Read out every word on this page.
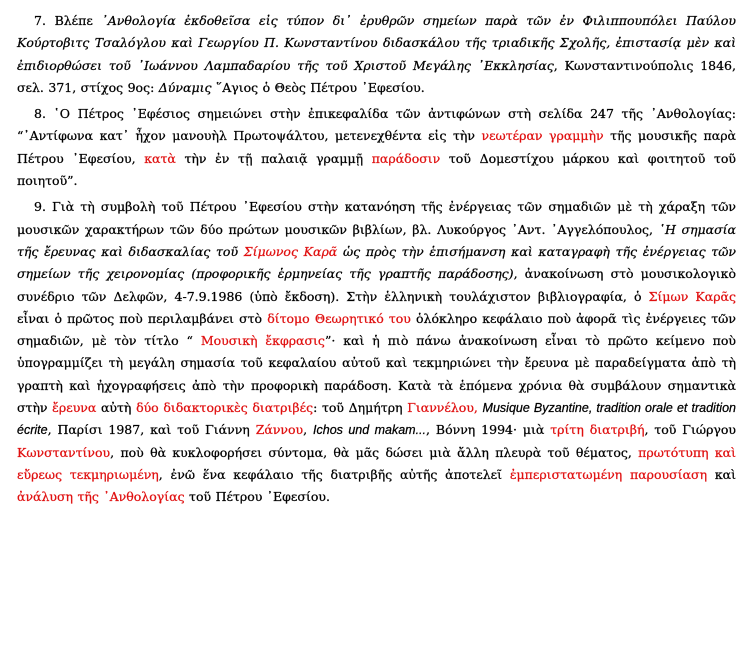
7. Βλέπε ᾿Ανθολογία ἐκδοθεῖσα εἰς τύπον δι᾿ ἐρυθρῶν σημείων παρὰ τῶν ἐν Φιλιππουπόλει Παύλου Κούρτοβιτς Τσαλόγλου καὶ Γεωργίου Π. Κωνσταντίνου διδασκάλου τῆς τριαδικῆς Σχολῆς, ἐπιστασίᾳ μὲν καὶ ἐπιδιορθώσει τοῦ ᾿Ιωάννου Λαμπαδαρίου τῆς τοῦ Χριστοῦ Μεγάλης ᾿Εκκλησίας, Κωνσταντινούπολις 1846, σελ. 371, στίχος 9ος: Δύναμις ῞Αγιος ὁ Θεὸς Πέτρου ᾿Εφεσίου.

8. ῾Ο Πέτρος ᾿Εφέσιος σημειώνει στὴν ἐπικεφαλίδα τῶν ἀντιφώνων στὴ σελίδα 247 τῆς ᾿Ανθολογίας: “᾿Αντίφωνα κατ᾿ ἦχον μανουὴλ Πρωτοψάλτου, μετενεχθέντα εἰς τὴν νεωτέραν γραμμὴν τῆς μουσικῆς παρὰ Πέτρου ᾿Εφεσίου, κατὰ τὴν ἐν τῇ παλαιᾷ γραμμῇ παράδοσιν τοῦ Δομεστίχου μάρκου καὶ φοιτητοῦ τοῦ ποιητοῦ”.

9. Γιὰ τὴ συμβολὴ τοῦ Πέτρου ᾿Εφεσίου στὴν κατανόηση τῆς ἐνέργειας τῶν σημαδιῶν μὲ τὴ χάραξη τῶν μουσικῶν χαρακτήρων τῶν δύο πρώτων μουσικῶν βιβλίων, βλ. Λυκούργος ᾿Αντ. ᾿Αγγελόπουλος, ῾Η σημασία τῆς ἔρευνας καὶ διδασκαλίας τοῦ Σίμωνος Καρᾶ ὡς πρὸς τὴν ἑπισήμανση καὶ καταγραφὴ τῆς ἐνέργειας τῶν σημείων τῆς χειρονομίας (προφορικῆς ἑρμηνείας τῆς γραπτῆς παράδοσης), ἀνακοίνωση στὸ μουσικολογικὸ συνέδριο τῶν Δελφῶν, 4-7.9.1986 (ὑπὸ ἔκδοση). Στὴν ἑλληνικὴ τουλάχιστον βιβλιογραφία, ὁ Σίμων Καρᾶς εἶναι ὁ πρῶτος ποὺ περιλαμβάνει στὸ δίτομο Θεωρητικό του ὁλόκληρο κεφάλαιο ποὺ ἀφορᾶ τὶς ἐνέργειες τῶν σημαδιῶν, μὲ τὸν τίτλο “ Μουσικὴ ἔκφρασις”· καὶ ἡ πιὸ πάνω ἀνακοίνωση εἶναι τὸ πρῶτο κείμενο ποὺ ὑπογραμμίζει τὴ μεγάλη σημασία τοῦ κεφαλαίου αὐτοῦ καὶ τεκμηριώνει τὴν ἔρευνα μὲ παραδείγματα ἀπὸ τὴ γραπτὴ καὶ ἠχογραφήσεις ἀπὸ τὴν προφορικὴ παράδοση. Κατὰ τὰ ἑπόμενα χρόνια θὰ συμβάλουν σημαντικὰ στὴν ἔρευνα αὐτὴ δύο διδακτορικὲς διατριβές: τοῦ Δημήτρη Γιαννέλου, Musique Byzantine, tradition orale et tradition écrite, Παρίσι 1987, καὶ τοῦ Γιάννη Ζάννου, Ichos und makam..., Βόννη 1994· μιὰ τρίτη διατριβή, τοῦ Γιώργου Κωνσταντίνου, ποὺ θὰ κυκλοφορήσει σύντομα, θὰ μᾶς δώσει μιὰ ἄλλη πλευρὰ τοῦ θέματος, πρωτότυπη καὶ εὔρεως τεκμηριωμένη, ἐνῶ ἕνα κεφάλαιο τῆς διατριβῆς αὐτῆς ἀποτελεῖ ἐμπεριστατωμένη παρουσίαση καὶ ἀνάλυση τῆς ᾿Ανθολογίας τοῦ Πέτρου ᾿Εφεσίου.
